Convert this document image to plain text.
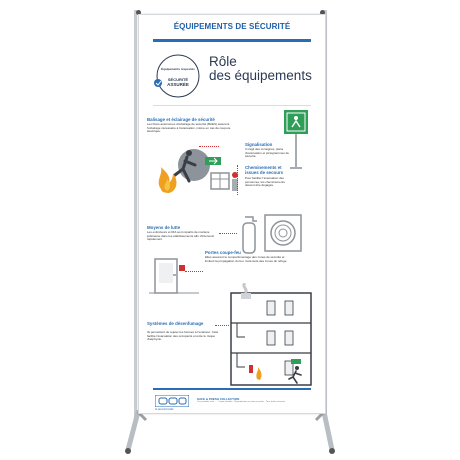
ÉQUIPEMENTS DE SÉCURITÉ
Équipements respectés
SÉCURITÉ
ASSURÉE
Rôle
des équipements
Balisage et éclairage de sécurité
Les blocs autonomes d'éclairage de sécurité (BAES) assurent l'éclairage nécessaire à l'évacuation, même en cas de coupure électrique.
Signalisation
Il s'agit des consignes, plans d'évacuation et pictogrammes de sécurité.
Cheminements et issues de secours
Pour faciliter l'évacuation des personnes, les cheminements doivent être dégagés.
Moyens de lutte
Les extincteurs et RIA sont répartis de manière judicieuse dans les établissements afin d'intervenir rapidement.
Portes coupe-feu
Elles assurent le compartimentage des zones de sécurité et limitent la propagation du feu. Cela isole des zones du refuge.
Systèmes de désenfumage
Ils permettent de rejeter les fumées à l'extérieur. Cela facilite l'évacuation des occupants et évite le risque d'asphyxie.
la sécurité facile
SAFE & FRESH COLLECTION
Ces produits sont ... · Copie interdite · Reproduction en tout ou partie · Tous droits réservés
